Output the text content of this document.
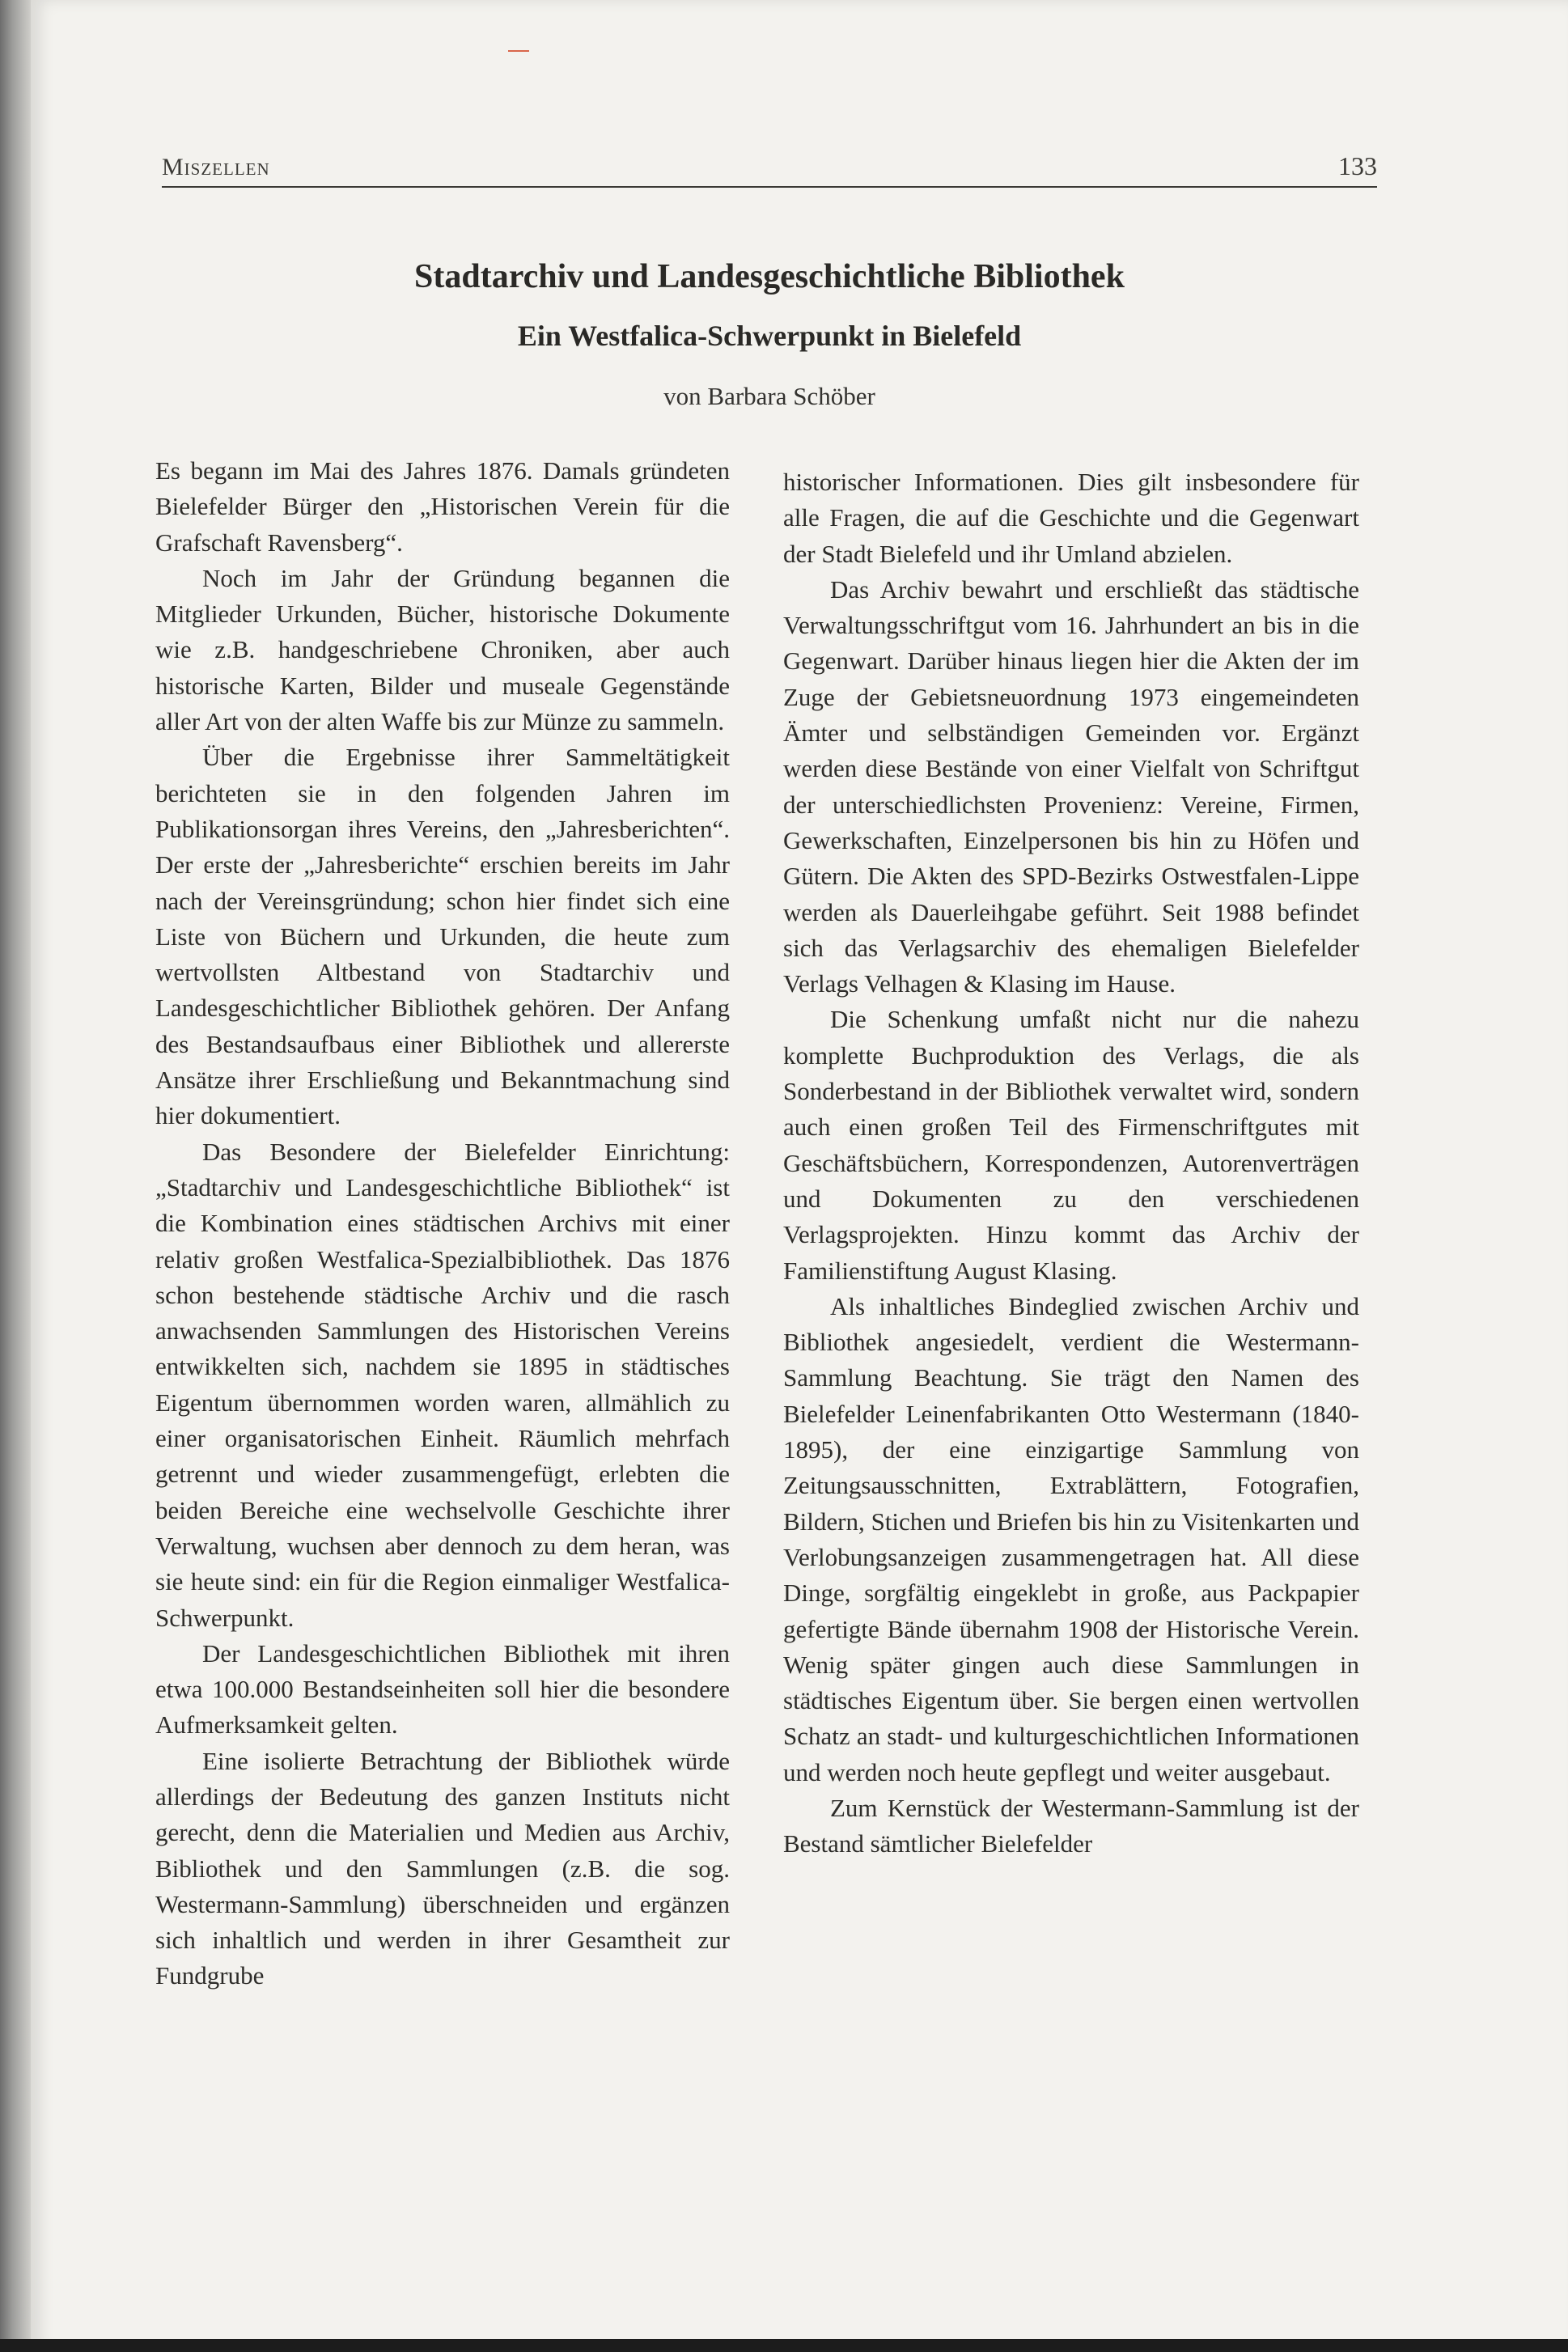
Miszellen	133
Stadtarchiv und Landesgeschichtliche Bibliothek
Ein Westfalica-Schwerpunkt in Bielefeld
von Barbara Schöber

Es begann im Mai des Jahres 1876. Damals gründeten Bielefelder Bürger den „Historischen Verein für die Grafschaft Ravensberg“.

Noch im Jahr der Gründung begannen die Mitglieder Urkunden, Bücher, historische Dokumente wie z.B. handgeschriebene Chroniken, aber auch historische Karten, Bilder und museale Gegenstände aller Art von der alten Waffe bis zur Münze zu sammeln.

Über die Ergebnisse ihrer Sammeltätigkeit berichteten sie in den folgenden Jahren im Publikationsorgan ihres Vereins, den „Jahresberichten“. Der erste der „Jahresberichte“ erschien bereits im Jahr nach der Vereinsgründung; schon hier findet sich eine Liste von Büchern und Urkunden, die heute zum wertvollsten Altbestand von Stadtarchiv und Landesgeschichtlicher Bibliothek gehören. Der Anfang des Bestandsaufbaus einer Bibliothek und allererste Ansätze ihrer Erschließung und Bekanntmachung sind hier dokumentiert.

Das Besondere der Bielefelder Einrichtung: „Stadtarchiv und Landesgeschichtliche Bibliothek“ ist die Kombination eines städtischen Archivs mit einer relativ großen Westfalica-Spezialbibliothek. Das 1876 schon bestehende städtische Archiv und die rasch anwachsenden Sammlungen des Historischen Vereins entwikkelten sich, nachdem sie 1895 in städtisches Eigentum übernommen worden waren, allmählich zu einer organisatorischen Einheit. Räumlich mehrfach getrennt und wieder zusammengefügt, erlebten die beiden Bereiche eine wechselvolle Geschichte ihrer Verwaltung, wuchsen aber dennoch zu dem heran, was sie heute sind: ein für die Region einmaliger Westfalica-Schwerpunkt.

Der Landesgeschichtlichen Bibliothek mit ihren etwa 100.000 Bestandseinheiten soll hier die besondere Aufmerksamkeit gelten.

Eine isolierte Betrachtung der Bibliothek würde allerdings der Bedeutung des ganzen Instituts nicht gerecht, denn die Materialien und Medien aus Archiv, Bibliothek und den Sammlungen (z.B. die sog. Westermann-Sammlung) überschneiden und ergänzen sich inhaltlich und werden in ihrer Gesamtheit zur Fundgrube

historischer Informationen. Dies gilt insbesondere für alle Fragen, die auf die Geschichte und die Gegenwart der Stadt Bielefeld und ihr Umland abzielen.

Das Archiv bewahrt und erschließt das städtische Verwaltungsschriftgut vom 16. Jahrhundert an bis in die Gegenwart. Darüber hinaus liegen hier die Akten der im Zuge der Gebietsneuordnung 1973 eingemeindeten Ämter und selbständigen Gemeinden vor. Ergänzt werden diese Bestände von einer Vielfalt von Schriftgut der unterschiedlichsten Provenienz: Vereine, Firmen, Gewerkschaften, Einzelpersonen bis hin zu Höfen und Gütern. Die Akten des SPD-Bezirks Ostwestfalen-Lippe werden als Dauerleihgabe geführt. Seit 1988 befindet sich das Verlagsarchiv des ehemaligen Bielefelder Verlags Velhagen & Klasing im Hause.

Die Schenkung umfaßt nicht nur die nahezu komplette Buchproduktion des Verlags, die als Sonderbestand in der Bibliothek verwaltet wird, sondern auch einen großen Teil des Firmenschriftgutes mit Geschäftsbüchern, Korrespondenzen, Autorenverträgen und Dokumenten zu den verschiedenen Verlagsprojekten. Hinzu kommt das Archiv der Familienstiftung August Klasing.

Als inhaltliches Bindeglied zwischen Archiv und Bibliothek angesiedelt, verdient die Westermann-Sammlung Beachtung. Sie trägt den Namen des Bielefelder Leinenfabrikanten Otto Westermann (1840-1895), der eine einzigartige Sammlung von Zeitungsausschnitten, Extrablättern, Fotografien, Bildern, Stichen und Briefen bis hin zu Visitenkarten und Verlobungsanzeigen zusammengetragen hat. All diese Dinge, sorgfältig eingeklebt in große, aus Packpapier gefertigte Bände übernahm 1908 der Historische Verein. Wenig später gingen auch diese Sammlungen in städtisches Eigentum über. Sie bergen einen wertvollen Schatz an stadt- und kulturgeschichtlichen Informationen und werden noch heute gepflegt und weiter ausgebaut.

Zum Kernstück der Westermann-Sammlung ist der Bestand sämtlicher Bielefelder
